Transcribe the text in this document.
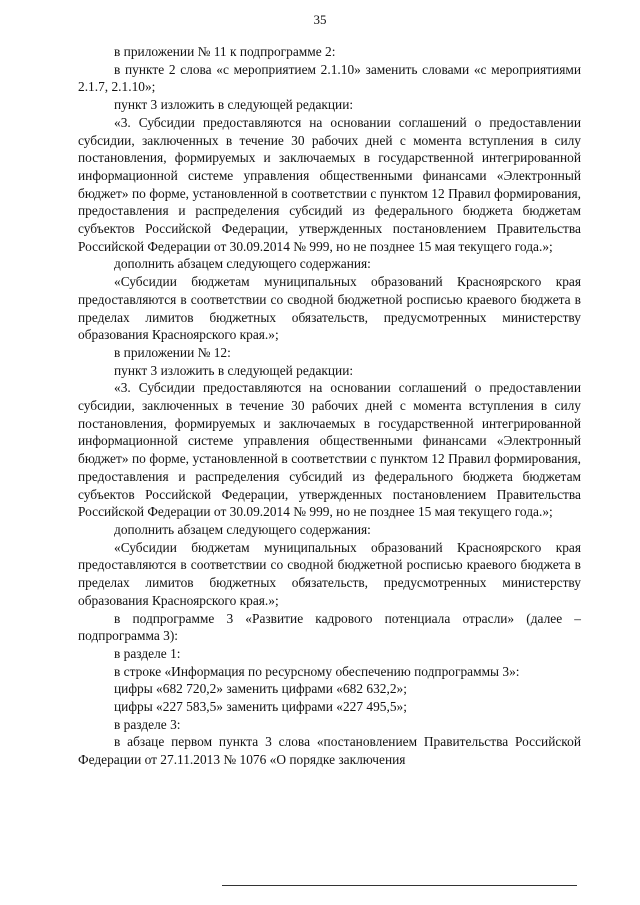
35

в приложении № 11 к подпрограмме 2:

в пункте 2 слова «с мероприятием 2.1.10» заменить словами «с мероприятиями 2.1.7, 2.1.10»;

пункт 3 изложить в следующей редакции:

«3. Субсидии предоставляются на основании соглашений о предоставлении субсидии, заключенных в течение 30 рабочих дней с момента вступления в силу постановления, формируемых и заключаемых в государственной интегрированной информационной системе управления общественными финансами «Электронный бюджет» по форме, установленной в соответствии с пунктом 12 Правил формирования, предоставления и распределения субсидий из федерального бюджета бюджетам субъектов Российской Федерации, утвержденных постановлением Правительства Российской Федерации от 30.09.2014 № 999, но не позднее 15 мая текущего года.»;

дополнить абзацем следующего содержания:

«Субсидии бюджетам муниципальных образований Красноярского края предоставляются в соответствии со сводной бюджетной росписью краевого бюджета в пределах лимитов бюджетных обязательств, предусмотренных министерству образования Красноярского края.»;

в приложении № 12:

пункт 3 изложить в следующей редакции:

«3. Субсидии предоставляются на основании соглашений о предоставлении субсидии, заключенных в течение 30 рабочих дней с момента вступления в силу постановления, формируемых и заключаемых в государственной интегрированной информационной системе управления общественными финансами «Электронный бюджет» по форме, установленной в соответствии с пунктом 12 Правил формирования, предоставления и распределения субсидий из федерального бюджета бюджетам субъектов Российской Федерации, утвержденных постановлением Правительства Российской Федерации от 30.09.2014 № 999, но не позднее 15 мая текущего года.»;

дополнить абзацем следующего содержания:

«Субсидии бюджетам муниципальных образований Красноярского края предоставляются в соответствии со сводной бюджетной росписью краевого бюджета в пределах лимитов бюджетных обязательств, предусмотренных министерству образования Красноярского края.»;

в подпрограмме 3 «Развитие кадрового потенциала отрасли» (далее – подпрограмма 3):

в разделе 1:

в строке «Информация по ресурсному обеспечению подпрограммы 3»:

цифры «682 720,2» заменить цифрами «682 632,2»;

цифры «227 583,5» заменить цифрами «227 495,5»;

в разделе 3:

в абзаце первом пункта 3 слова «постановлением Правительства Российской Федерации от 27.11.2013 № 1076 «О порядке заключения
